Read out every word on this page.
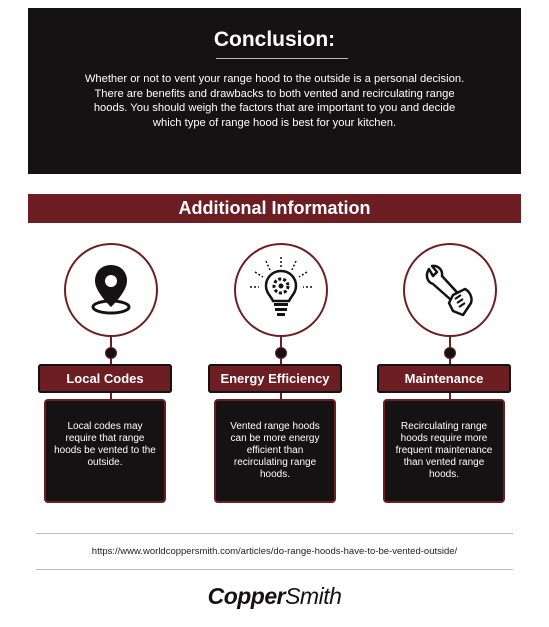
Conclusion:

Whether or not to vent your range hood to the outside is a personal decision. There are benefits and drawbacks to both vented and recirculating range hoods. You should weigh the factors that are important to you and decide which type of range hood is best for your kitchen.

Additional Information
Local Codes
Local codes may require that range hoods be vented to the outside.
Energy Efficiency
Vented range hoods can be more energy efficient than recirculating range hoods.
Maintenance
Recirculating range hoods require more frequent maintenance than vented range hoods.
https://www.worldcoppersmith.com/articles/do-range-hoods-have-to-be-vented-outside/
CopperSmith
